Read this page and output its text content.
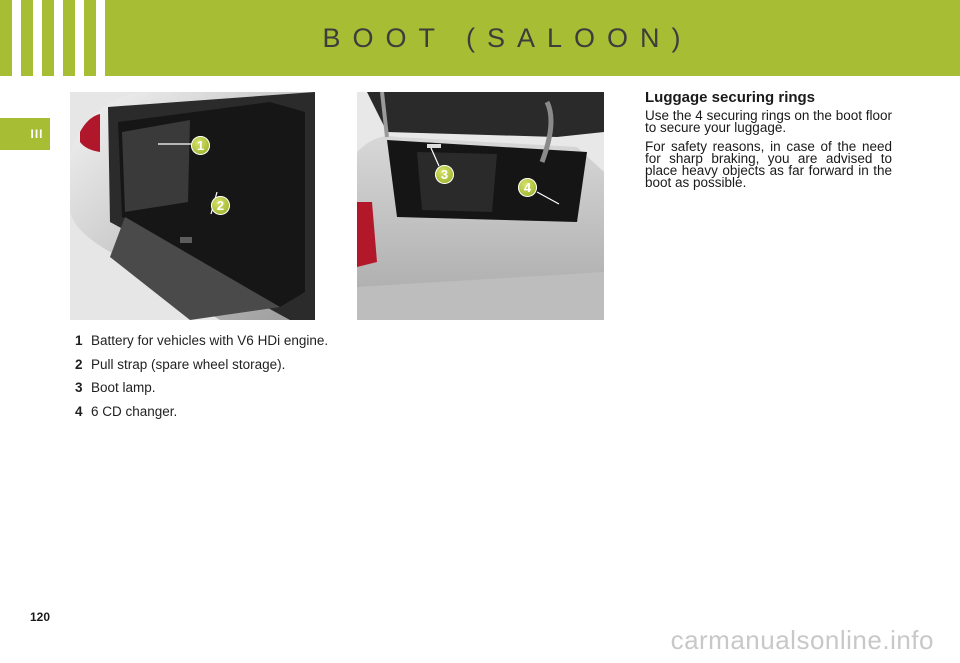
BOOT (SALOON)
III
1
2
3
4
1 Battery for vehicles with V6 HDi engine.
2 Pull strap (spare wheel storage).
3 Boot lamp.
4 6 CD changer.
Luggage securing rings

Use the 4 securing rings on the boot floor to secure your luggage.

For safety reasons, in case of the need for sharp braking, you are advised to place heavy objects as far forward in the boot as possible.

120
carmanualsonline.info
